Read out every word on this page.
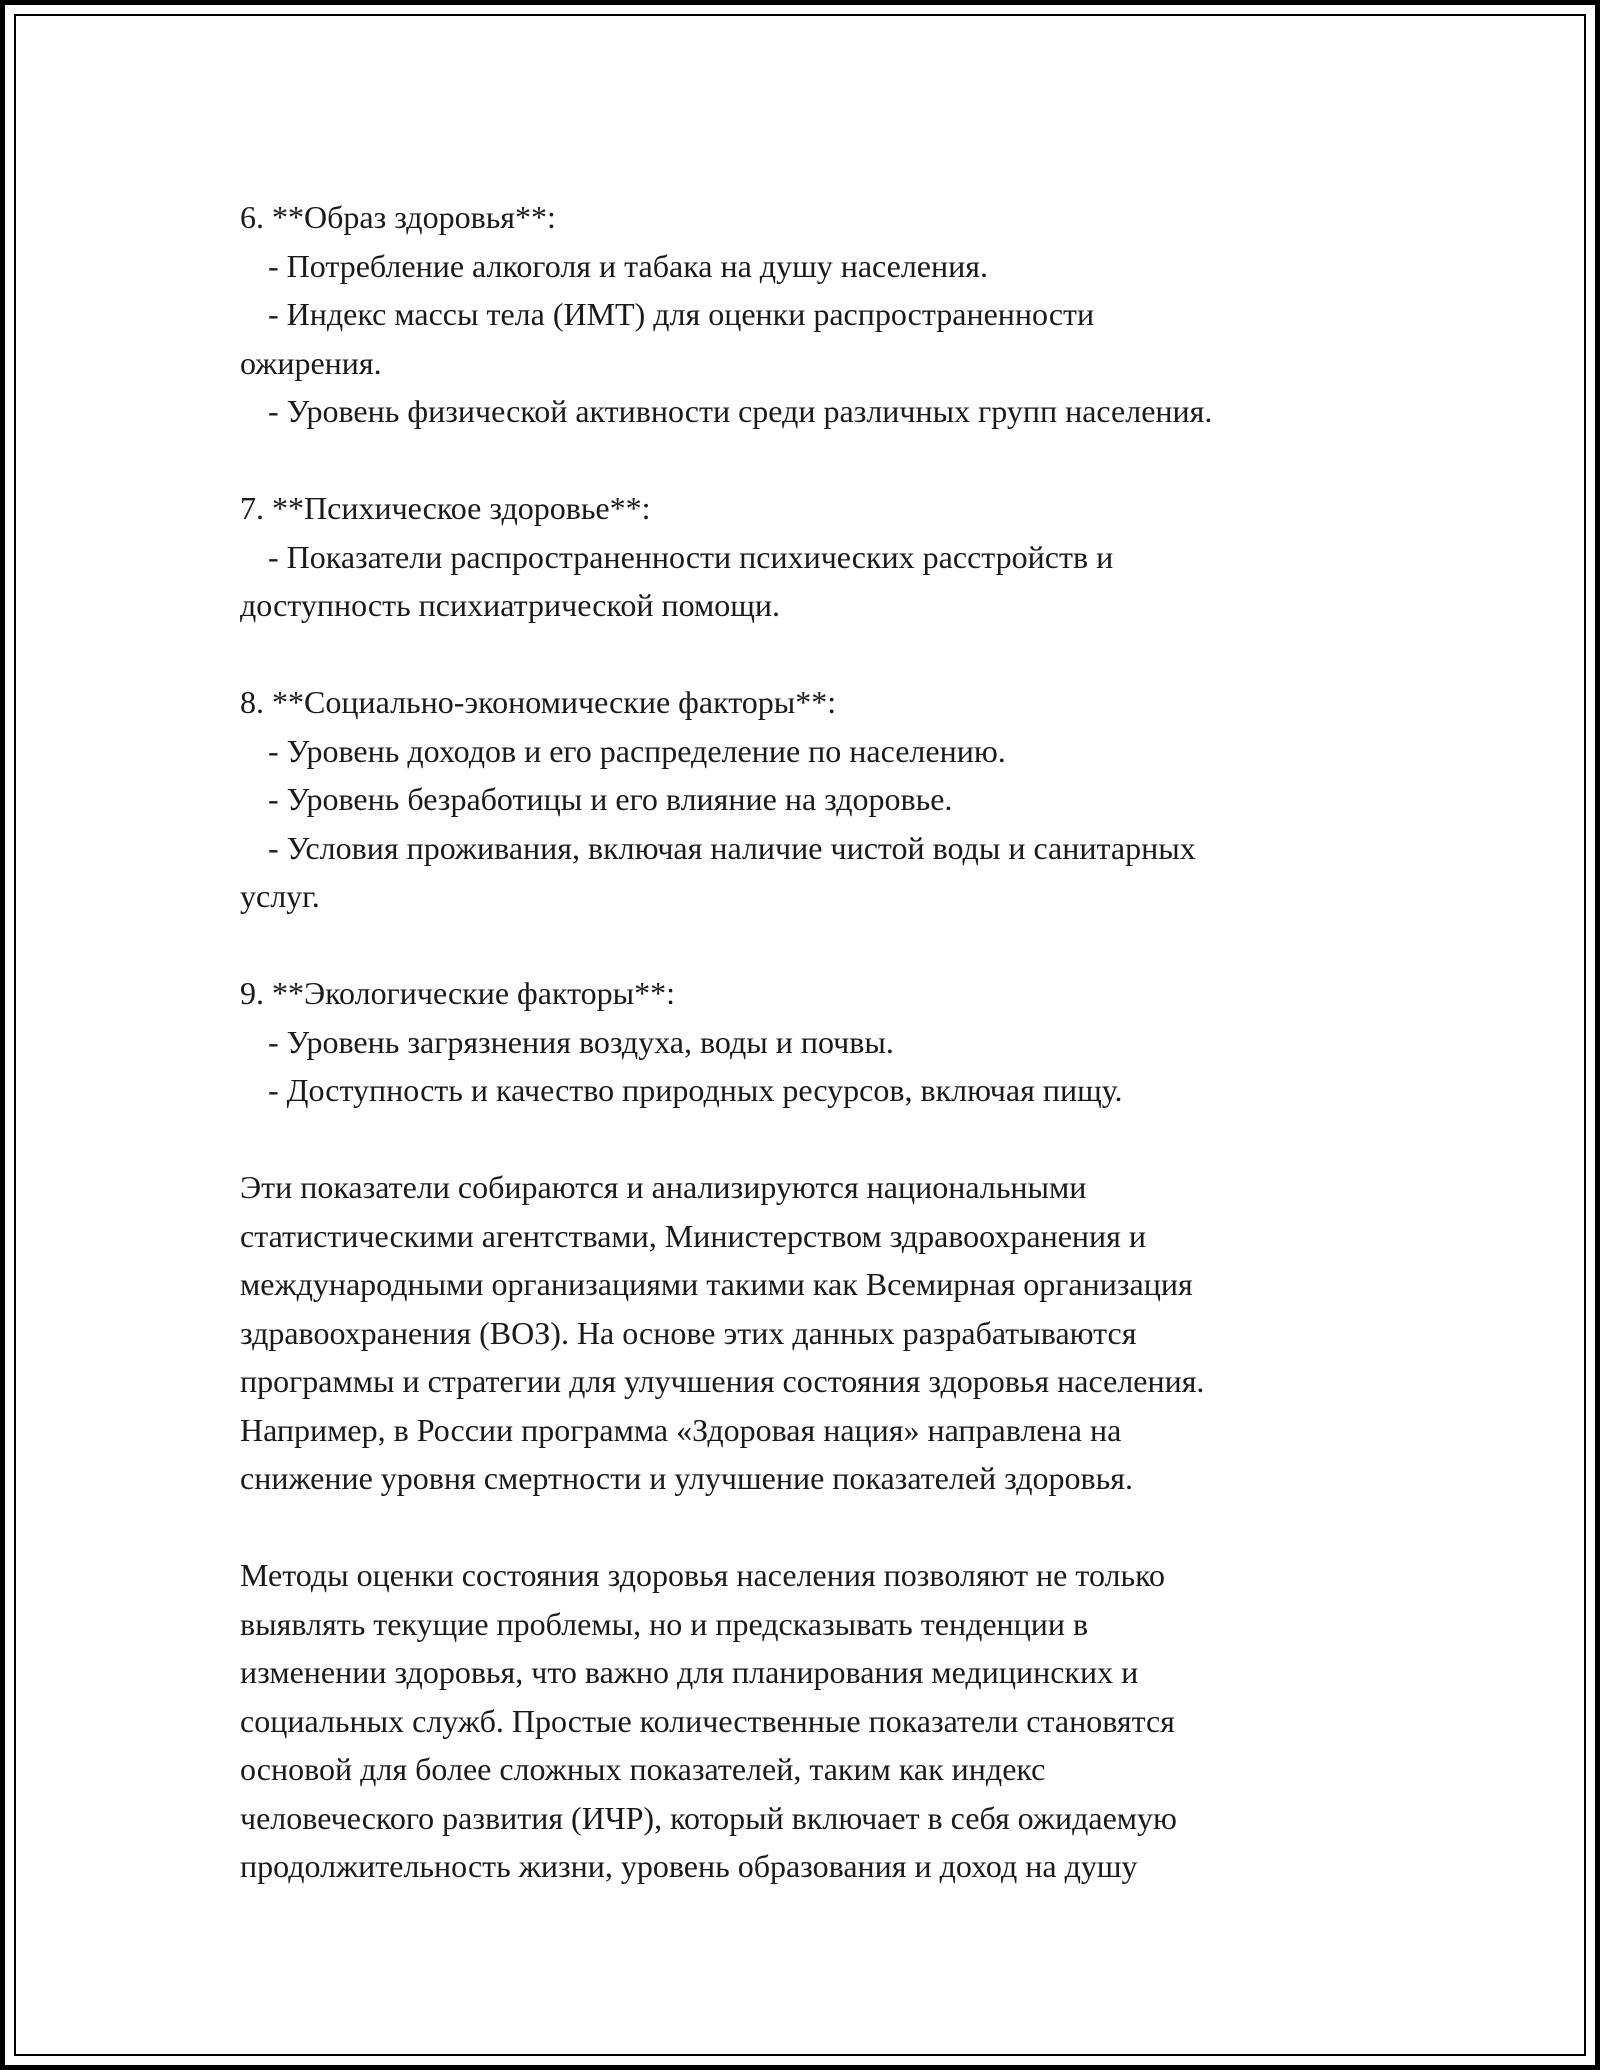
6. **Образ здоровья**:
- Потребление алкоголя и табака на душу населения.
- Индекс массы тела (ИМТ) для оценки распространенности
ожирения.
- Уровень физической активности среди различных групп населения.
7. **Психическое здоровье**:
- Показатели распространенности психических расстройств и
доступность психиатрической помощи.
8. **Социально-экономические факторы**:
- Уровень доходов и его распределение по населению.
- Уровень безработицы и его влияние на здоровье.
- Условия проживания, включая наличие чистой воды и санитарных
услуг.
9. **Экологические факторы**:
- Уровень загрязнения воздуха, воды и почвы.
- Доступность и качество природных ресурсов, включая пищу.
Эти показатели собираются и анализируются национальными
статистическими агентствами, Министерством здравоохранения и
международными организациями такими как Всемирная организация
здравоохранения (ВОЗ). На основе этих данных разрабатываются
программы и стратегии для улучшения состояния здоровья населения.
Например, в России программа «Здоровая нация» направлена на
снижение уровня смертности и улучшение показателей здоровья.
Методы оценки состояния здоровья населения позволяют не только
выявлять текущие проблемы, но и предсказывать тенденции в
изменении здоровья, что важно для планирования медицинских и
социальных служб. Простые количественные показатели становятся
основой для более сложных показателей, таким как индекс
человеческого развития (ИЧР), который включает в себя ожидаемую
продолжительность жизни, уровень образования и доход на душу
